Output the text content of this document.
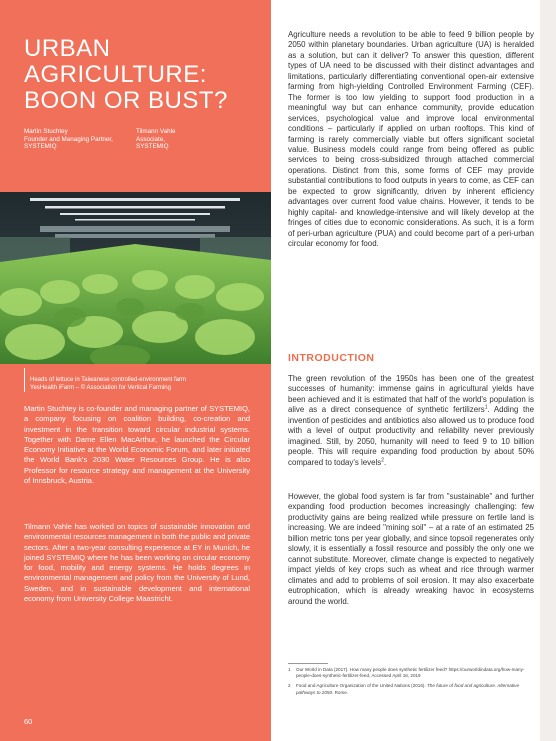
URBAN
AGRICULTURE:
BOON OR BUST?
Martin Stuchtey
Founder and Managing Partner,
SYSTEMIQ
Tilmann Vahle
Associate,
SYSTEMIQ
Heads of lettuce in Taiwanese controlled-environment farm
YesHealth iFarm – © Association for Vertical Farming

Martin Stuchtey is co-founder and managing partner of SYSTEMIQ, a company focusing on coalition building, co-creation and investment in the transition toward circular industrial systems. Together with Dame Ellen MacArthur, he launched the Circular Economy Initiative at the World Economic Forum, and later initiated the World Bank's 2030 Water Resources Group. He is also Professor for resource strategy and management at the University of Innsbruck, Austria.

Tilmann Vahle has worked on topics of sustainable innovation and environmental resources management in both the public and private sectors. After a two-year consulting experience at EY in Munich, he joined SYSTEMIQ where he has been working on circular economy for food, mobility and energy systems. He holds degrees in environmental management and policy from the University of Lund, Sweden, and in sustainable development and international economy from University College Maastricht.
60

Agriculture needs a revolution to be able to feed 9 billion people by 2050 within planetary boundaries. Urban agriculture (UA) is heralded as a solution, but can it deliver? To answer this question, different types of UA need to be discussed with their distinct advantages and limitations, particularly differentiating conventional open-air extensive farming from high-yielding Controlled Environment Farming (CEF). The former is too low yielding to support food production in a meaningful way but can enhance community, provide education services, psychological value and improve local environmental conditions – particularly if applied on urban rooftops. This kind of farming is rarely commercially viable but offers significant societal value. Business models could range from being offered as public services to being cross-subsidized through attached commercial operations. Distinct from this, some forms of CEF may provide substantial contributions to food outputs in years to come, as CEF can be expected to grow significantly, driven by inherent efficiency advantages over current food value chains. However, it tends to be highly capital- and knowledge-intensive and will likely develop at the fringes of cities due to economic considerations. As such, it is a form of peri-urban agriculture (PUA) and could become part of a peri-urban circular economy for food.

INTRODUCTION

The green revolution of the 1950s has been one of the greatest successes of humanity: immense gains in agricultural yields have been achieved and it is estimated that half of the world's population is alive as a direct consequence of synthetic fertilizers$^1$. Adding the invention of pesticides and antibiotics also allowed us to produce food with a level of output productivity and reliability never previously imagined. Still, by 2050, humanity will need to feed 9 to 10 billion people. This will require expanding food production by about 50% compared to today's levels$^2$.

However, the global food system is far from "sustainable" and further expanding food production becomes increasingly challenging: few productivity gains are being realized while pressure on fertile land is increasing. We are indeed "mining soil" – at a rate of an estimated 25 billion metric tons per year globally, and since topsoil regenerates only slowly, it is essentially a fossil resource and possibly the only one we cannot substitute. Moreover, climate change is expected to negatively impact yields of key crops such as wheat and rice through warmer climates and add to problems of soil erosion. It may also exacerbate eutrophication, which is already wreaking havoc in ecosystems around the world.

1	Our World in Data (2017). How many people does synthetic fertilizer feed? https://ourworldindata.org/how-many-people-does-synthetic-fertilizer-feed, Accessed April 16, 2019
2	Food and Agriculture Organization of the United Nations (2016). The future of food and agriculture. Alternative pathways to 2050. Rome.
